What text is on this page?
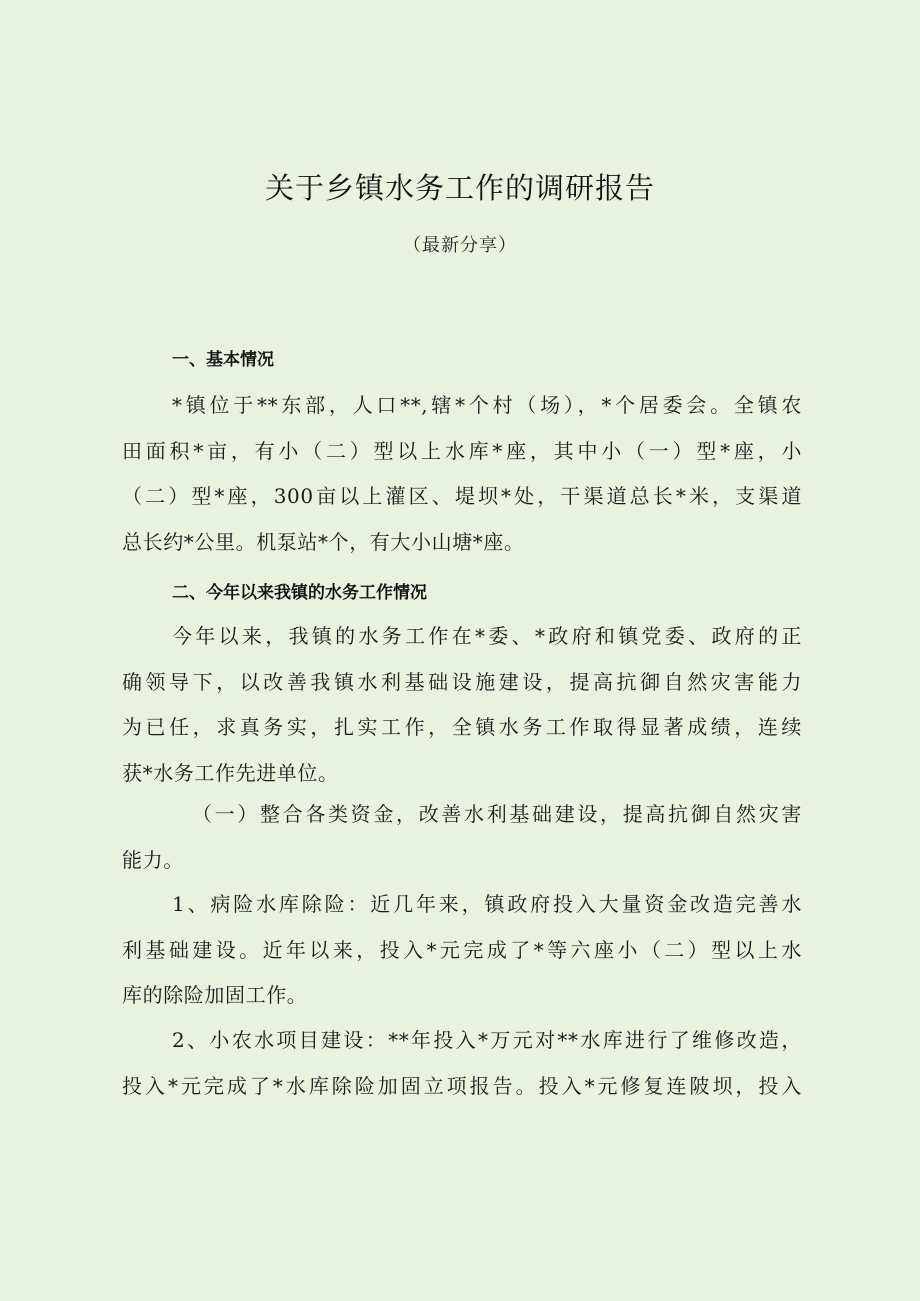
关于乡镇水务工作的调研报告
（最新分享）
一、基本情况
*镇位于**东部，人口**,辖*个村（场），*个居委会。全镇农
田面积*亩，有小（二）型以上水库*座，其中小（一）型*座，小
（二）型*座，300亩以上灌区、堤坝*处，干渠道总长*米，支渠道
总长约*公里。机泵站*个，有大小山塘*座。
二、今年以来我镇的水务工作情况
今年以来，我镇的水务工作在*委、*政府和镇党委、政府的正
确领导下，以改善我镇水利基础设施建设，提高抗御自然灾害能力
为已任，求真务实，扎实工作，全镇水务工作取得显著成绩，连续
获*水务工作先进单位。
（一）整合各类资金，改善水利基础建设，提高抗御自然灾害
能力。
1、病险水库除险：近几年来，镇政府投入大量资金改造完善水
利基础建设。近年以来，投入*元完成了*等六座小（二）型以上水
库的除险加固工作。
2、小农水项目建设：**年投入*万元对**水库进行了维修改造，
投入*元完成了*水库除险加固立项报告。投入*元修复连陂坝，投入
